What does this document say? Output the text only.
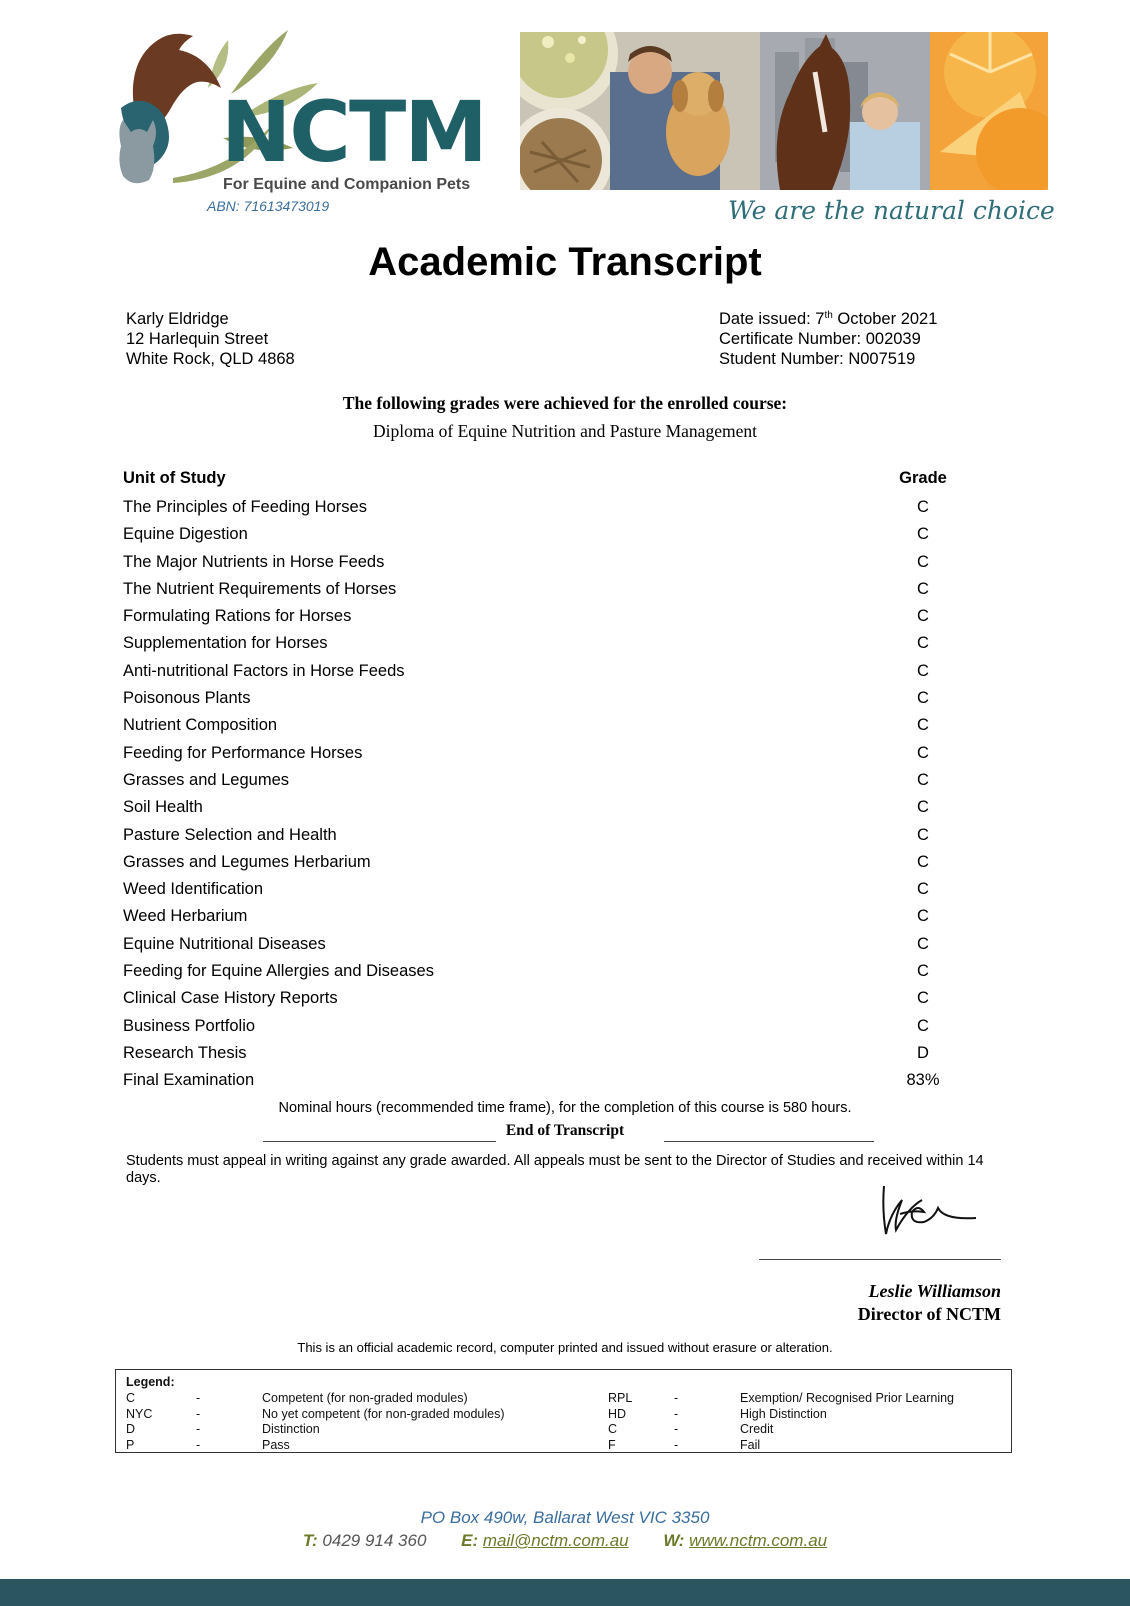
NCTM
For Equine and Companion Pets
ABN: 71613473019	We are the natural choice
Academic Transcript
Karly Eldridge
12 Harlequin Street
White Rock, QLD 4868
Date issued: 7th October 2021
Certificate Number: 002039
Student Number: N007519
The following grades were achieved for the enrolled course:
Diploma of Equine Nutrition and Pasture Management
Unit of Study	Grade
The Principles of Feeding Horses	C
Equine Digestion	C
The Major Nutrients in Horse Feeds	C
The Nutrient Requirements of Horses	C
Formulating Rations for Horses	C
Supplementation for Horses	C
Anti-nutritional Factors in Horse Feeds	C
Poisonous Plants	C
Nutrient Composition	C
Feeding for Performance Horses	C
Grasses and Legumes	C
Soil Health	C
Pasture Selection and Health	C
Grasses and Legumes Herbarium	C
Weed Identification	C
Weed Herbarium	C
Equine Nutritional Diseases	C
Feeding for Equine Allergies and Diseases	C
Clinical Case History Reports	C
Business Portfolio	C
Research Thesis	D
Final Examination	83%
Nominal hours (recommended time frame), for the completion of this course is 580 hours.
End of Transcript
Students must appeal in writing against any grade awarded. All appeals must be sent to the Director of Studies and received within 14 days.
Leslie Williamson
Director of NCTM
This is an official academic record, computer printed and issued without erasure or alteration.
Legend:
C	-	Competent (for non-graded modules)
NYC	-	No yet competent (for non-graded modules)
D	-	Distinction
P	-	Pass
RPL	-	Exemption/ Recognised Prior Learning
HD	-	High Distinction
C	-	Credit
F	-	Fail
PO Box 490w, Ballarat West VIC 3350
T: 0429 914 360 E: mail@nctm.com.au W: www.nctm.com.au
